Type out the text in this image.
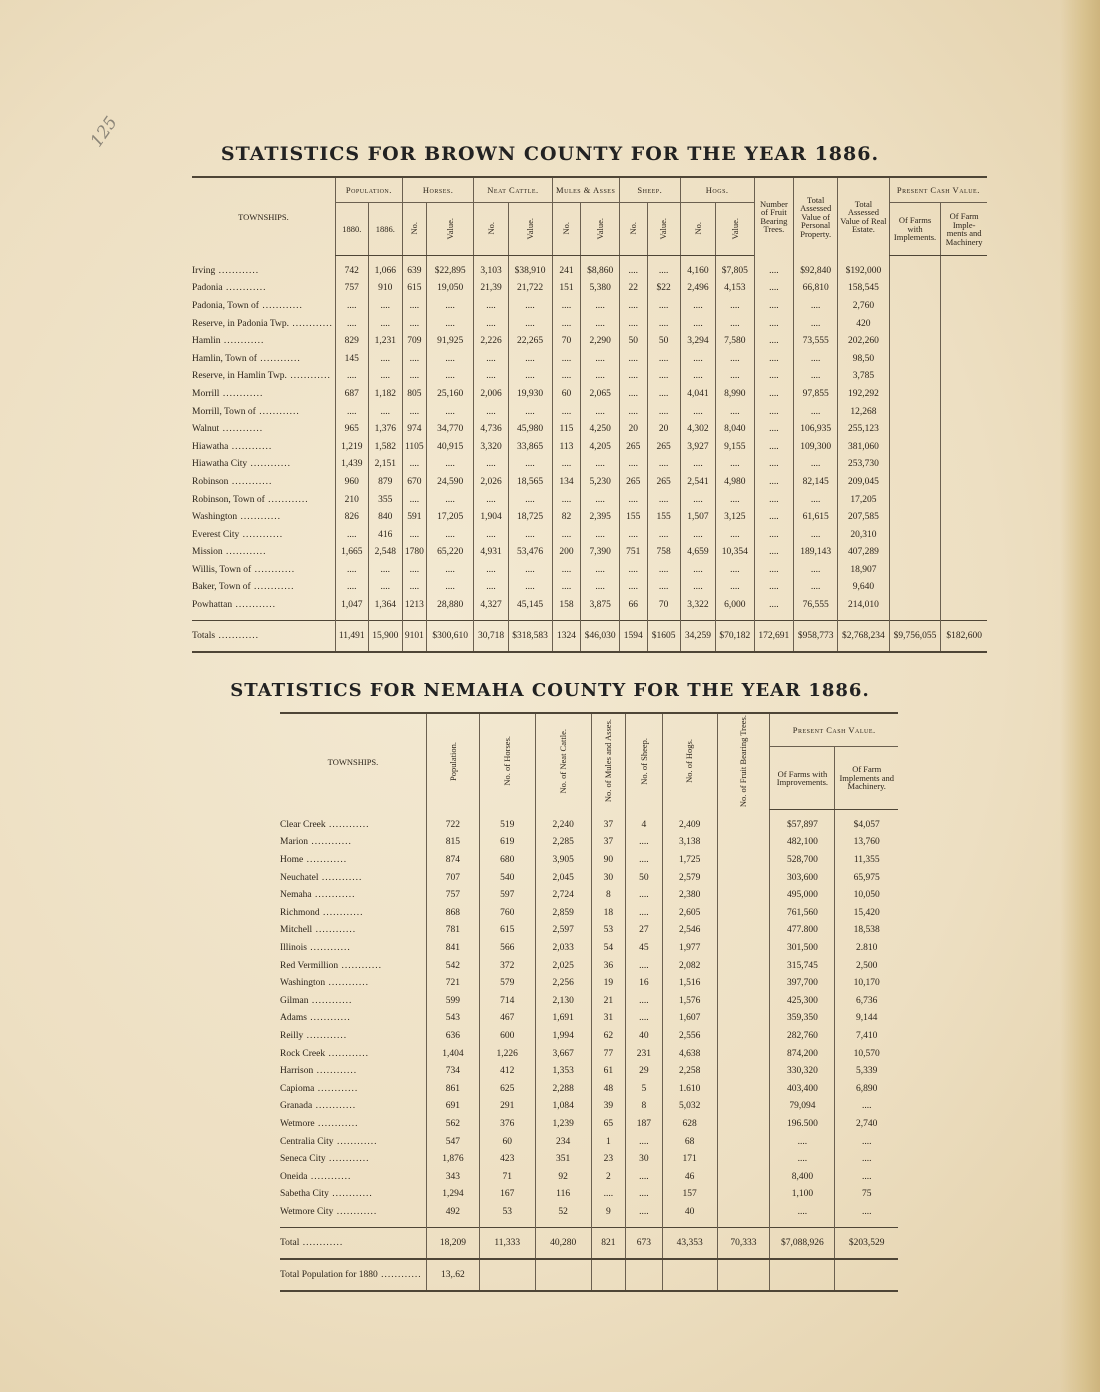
125
STATISTICS FOR BROWN COUNTY FOR THE YEAR 1886.
TOWNSHIPS.	Population.		Horses.		Neat Cattle.		Mules & Asses		Sheep.		Hogs.		Number of Fruit Bearing Trees.	Total Assessed Value of Personal Property.	Total Assessed Value of Real Estate.	Present Cash Value.	
	1880.	1886.	No.	Value.	No.	Value.	No.	Value.	No.	Value.	No.	Value.				Of Farms with Implements.	Of Farm Imple- ments and Machinery

Irving .....	742	1,066	639	$22,895	3,103	$38,910	241	$8,860	....	....	4,160	$7,805	....	$92,840	$192,000		
Padonia .....	757	910	615	19,050	21,39	21,722	151	5,380	22	$22	2,496	4,153	....	66,810	158,545		
Padonia, Town of .....	....	....	....	....	....	....	....	....	....	....	....	....	....	....	2,760		
Reserve, in Padonia Twp. .....	....	....	....	....	....	....	....	....	....	....	....	....	....	....	420		
Hamlin .....	829	1,231	709	91,925	2,226	22,265	70	2,290	50	50	3,294	7,580	....	73,555	202,260		
Hamlin, Town of .....	145	....	....	....	....	....	....	....	....	....	....	....	....	....	98,50		
Reserve, in Hamlin Twp. .....	....	....	....	....	....	....	....	....	....	....	....	....	....	....	3,785		
Morrill .....	687	1,182	805	25,160	2,006	19,930	60	2,065	....	....	4,041	8,990	....	97,855	192,292		
Morrill, Town of .....	....	....	....	....	....	....	....	....	....	....	....	....	....	....	12,268		
Walnut .....	965	1,376	974	34,770	4,736	45,980	115	4,250	20	20	4,302	8,040	....	106,935	255,123		
Hiawatha .....	1,219	1,582	1105	40,915	3,320	33,865	113	4,205	265	265	3,927	9,155	....	109,300	381,060		
Hiawatha City .....	1,439	2,151	....	....	....	....	....	....	....	....	....	....	....	....	253,730		
Robinson .....	960	879	670	24,590	2,026	18,565	134	5,230	265	265	2,541	4,980	....	82,145	209,045		
Robinson, Town of .....	210	355	....	....	....	....	....	....	....	....	....	....	....	....	17,205		
Washington .....	826	840	591	17,205	1,904	18,725	82	2,395	155	155	1,507	3,125	....	61,615	207,585		
Everest City .....	....	416	....	....	....	....	....	....	....	....	....	....	....	....	20,310		
Mission .....	1,665	2,548	1780	65,220	4,931	53,476	200	7,390	751	758	4,659	10,354	....	189,143	407,289		
Willis, Town of .....	....	....	....	....	....	....	....	....	....	....	....	....	....	....	18,907		
Baker, Town of .....	....	....	....	....	....	....	....	....	....	....	....	....	....	....	9,640		
Powhattan .....	1,047	1,364	1213	28,880	4,327	45,145	158	3,875	66	70	3,322	6,000	....	76,555	214,010		

Totals .....	11,491	15,900	9101	$300,610	30,718	$318,583	1324	$46,030	1594	$1605	34,259	$70,182	172,691	$958,773	$2,768,234	$9,756,055	$182,600
STATISTICS FOR NEMAHA COUNTY FOR THE YEAR 1886.
TOWNSHIPS.	Population.	No. of Horses.	No. of Neat Cattle.	No. of Mules and Asses.	No. of Sheep.	No. of Hogs.	No. of Fruit Bearing Trees.	Present Cash Value.	
								Of Farms with Improvements.	Of Farm Implements and Machinery.

Clear Creek .....	722	519	2,240	37	4	2,409		$57,897	$4,057
Marion .....	815	619	2,285	37	....	3,138		482,100	13,760
Home .....	874	680	3,905	90	....	1,725		528,700	11,355
Neuchatel .....	707	540	2,045	30	50	2,579		303,600	65,975
Nemaha .....	757	597	2,724	8	....	2,380		495,000	10,050
Richmond .....	868	760	2,859	18	....	2,605		761,560	15,420
Mitchell .....	781	615	2,597	53	27	2,546		477.800	18,538
Illinois .....	841	566	2,033	54	45	1,977		301,500	2.810
Red Vermillion .....	542	372	2,025	36	....	2,082		315,745	2,500
Washington .....	721	579	2,256	19	16	1,516		397,700	10,170
Gilman .....	599	714	2,130	21	....	1,576		425,300	6,736
Adams .....	543	467	1,691	31	....	1,607		359,350	9,144
Reilly .....	636	600	1,994	62	40	2,556		282,760	7,410
Rock Creek .....	1,404	1,226	3,667	77	231	4,638		874,200	10,570
Harrison .....	734	412	1,353	61	29	2,258		330,320	5,339
Capioma .....	861	625	2,288	48	5	1.610		403,400	6,890
Granada .....	691	291	1,084	39	8	5,032		79,094	....
Wetmore .....	562	376	1,239	65	187	628		196.500	2,740
Centralia City .....	547	60	234	1	....	68		....	....
Seneca City .....	1,876	423	351	23	30	171		....	....
Oneida .....	343	71	92	2	....	46		8,400	....
Sabetha City .....	1,294	167	116	....	....	157		1,100	75
Wetmore City .....	492	53	52	9	....	40		....	....

Total .....	18,209	11,333	40,280	821	673	43,353	70,333	$7,088,926	$203,529
Total Population for 1880 .....	13,.62								
